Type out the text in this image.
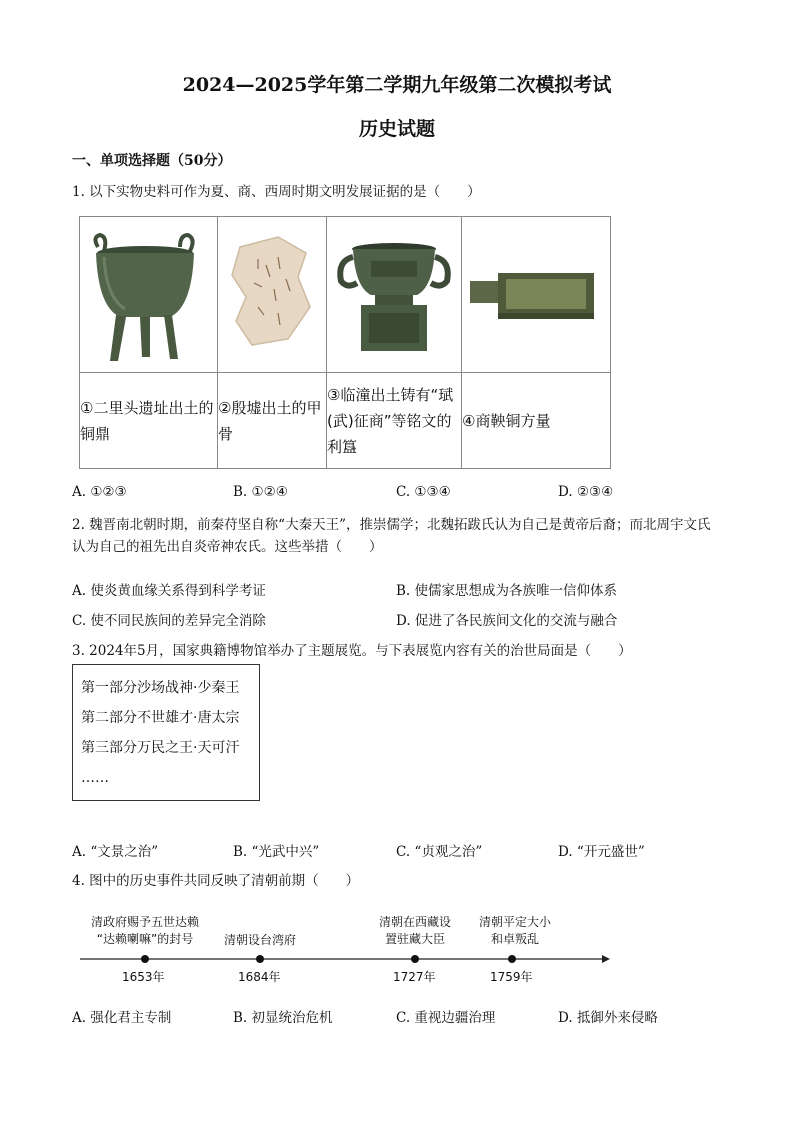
2024—2025学年第二学期九年级第二次模拟考试
历史试题
一、单项选择题（50分）
1. 以下实物史料可作为夏、商、西周时期文明发展证据的是（　　）

①二里头遗址出土的铜鼎	②殷墟出土的甲骨	③临潼出土铸有“珷(武)征商”等铭文的利簋	④商鞅铜方量
A. ①②③	B. ①②④	C. ①③④	D. ②③④
2. 魏晋南北朝时期，前秦苻坚自称“大秦天王”，推崇儒学；北魏拓跋氏认为自己是黄帝后裔；而北周宇文氏认为自己的祖先出自炎帝神农氏。这些举措（　　）
A. 使炎黄血缘关系得到科学考证	B. 使儒家思想成为各族唯一信仰体系
C. 使不同民族间的差异完全消除	D. 促进了各民族间文化的交流与融合
3. 2024年5月，国家典籍博物馆举办了主题展览。与下表展览内容有关的治世局面是（　　）
第一部分沙场战神·少秦王
第二部分不世雄才·唐太宗
第三部分万民之王·天可汗
……
A. “文景之治”	B. “光武中兴”	C. “贞观之治”	D. “开元盛世”
4. 图中的历史事件共同反映了清朝前期（　　）
清政府赐予五世达赖
“达赖喇嘛”的封号	清朝设台湾府
清朝在西藏设
置驻藏大臣
清朝平定大小
和卓叛乱
1653年	1684年	1727年	1759年
A. 强化君主专制	B. 初显统治危机	C. 重视边疆治理	D. 抵御外来侵略
